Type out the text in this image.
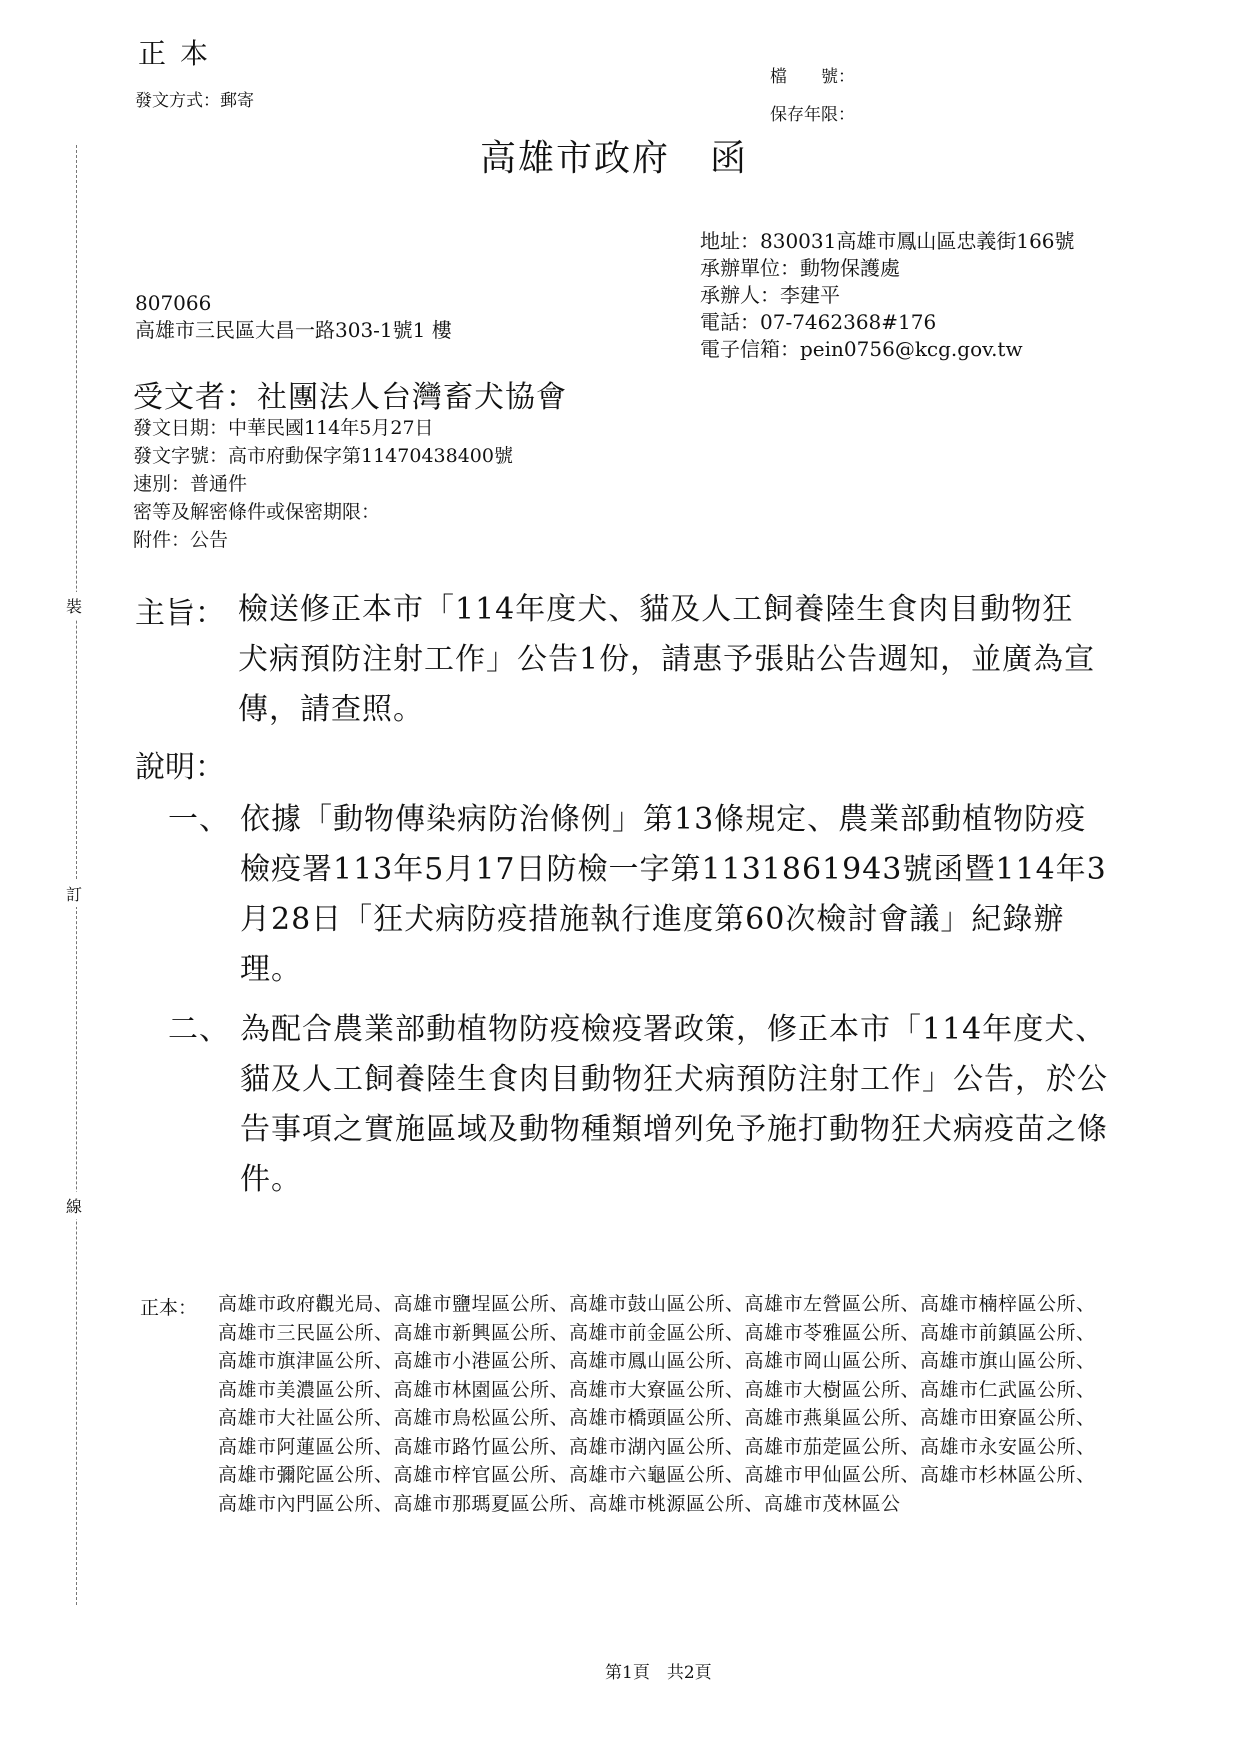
正本
發文方式：郵寄
檔　　號：
保存年限：
高雄市政府 函
地址：830031高雄市鳳山區忠義街166號
承辦單位：動物保護處
承辦人：李建平
電話：07-7462368#176
電子信箱：pein0756@kcg.gov.tw
807066
高雄市三民區大昌一路303-1號1 樓
受文者：社團法人台灣畜犬協會
發文日期：中華民國114年5月27日
發文字號：高市府動保字第11470438400號
速別：普通件
密等及解密條件或保密期限：
附件：公告
裝
訂
線
主旨： 檢送修正本市「114年度犬、貓及人工飼養陸生食肉目動物狂犬病預防注射工作」公告1份，請惠予張貼公告週知，並廣為宣傳，請查照。
說明：
一、 依據「動物傳染病防治條例」第13條規定、農業部動植物防疫檢疫署113年5月17日防檢一字第1131861943號函暨114年3月28日「狂犬病防疫措施執行進度第60次檢討會議」紀錄辦理。
二、 為配合農業部動植物防疫檢疫署政策，修正本市「114年度犬、貓及人工飼養陸生食肉目動物狂犬病預防注射工作」公告，於公告事項之實施區域及動物種類增列免予施打動物狂犬病疫苗之條件。
正本： 高雄市政府觀光局、高雄市鹽埕區公所、高雄市鼓山區公所、高雄市左營區公所、高雄市楠梓區公所、高雄市三民區公所、高雄市新興區公所、高雄市前金區公所、高雄市苓雅區公所、高雄市前鎮區公所、高雄市旗津區公所、高雄市小港區公所、高雄市鳳山區公所、高雄市岡山區公所、高雄市旗山區公所、高雄市美濃區公所、高雄市林園區公所、高雄市大寮區公所、高雄市大樹區公所、高雄市仁武區公所、高雄市大社區公所、高雄市鳥松區公所、高雄市橋頭區公所、高雄市燕巢區公所、高雄市田寮區公所、高雄市阿蓮區公所、高雄市路竹區公所、高雄市湖內區公所、高雄市茄萣區公所、高雄市永安區公所、高雄市彌陀區公所、高雄市梓官區公所、高雄市六龜區公所、高雄市甲仙區公所、高雄市杉林區公所、高雄市內門區公所、高雄市那瑪夏區公所、高雄市桃源區公所、高雄市茂林區公
第1頁　共2頁
